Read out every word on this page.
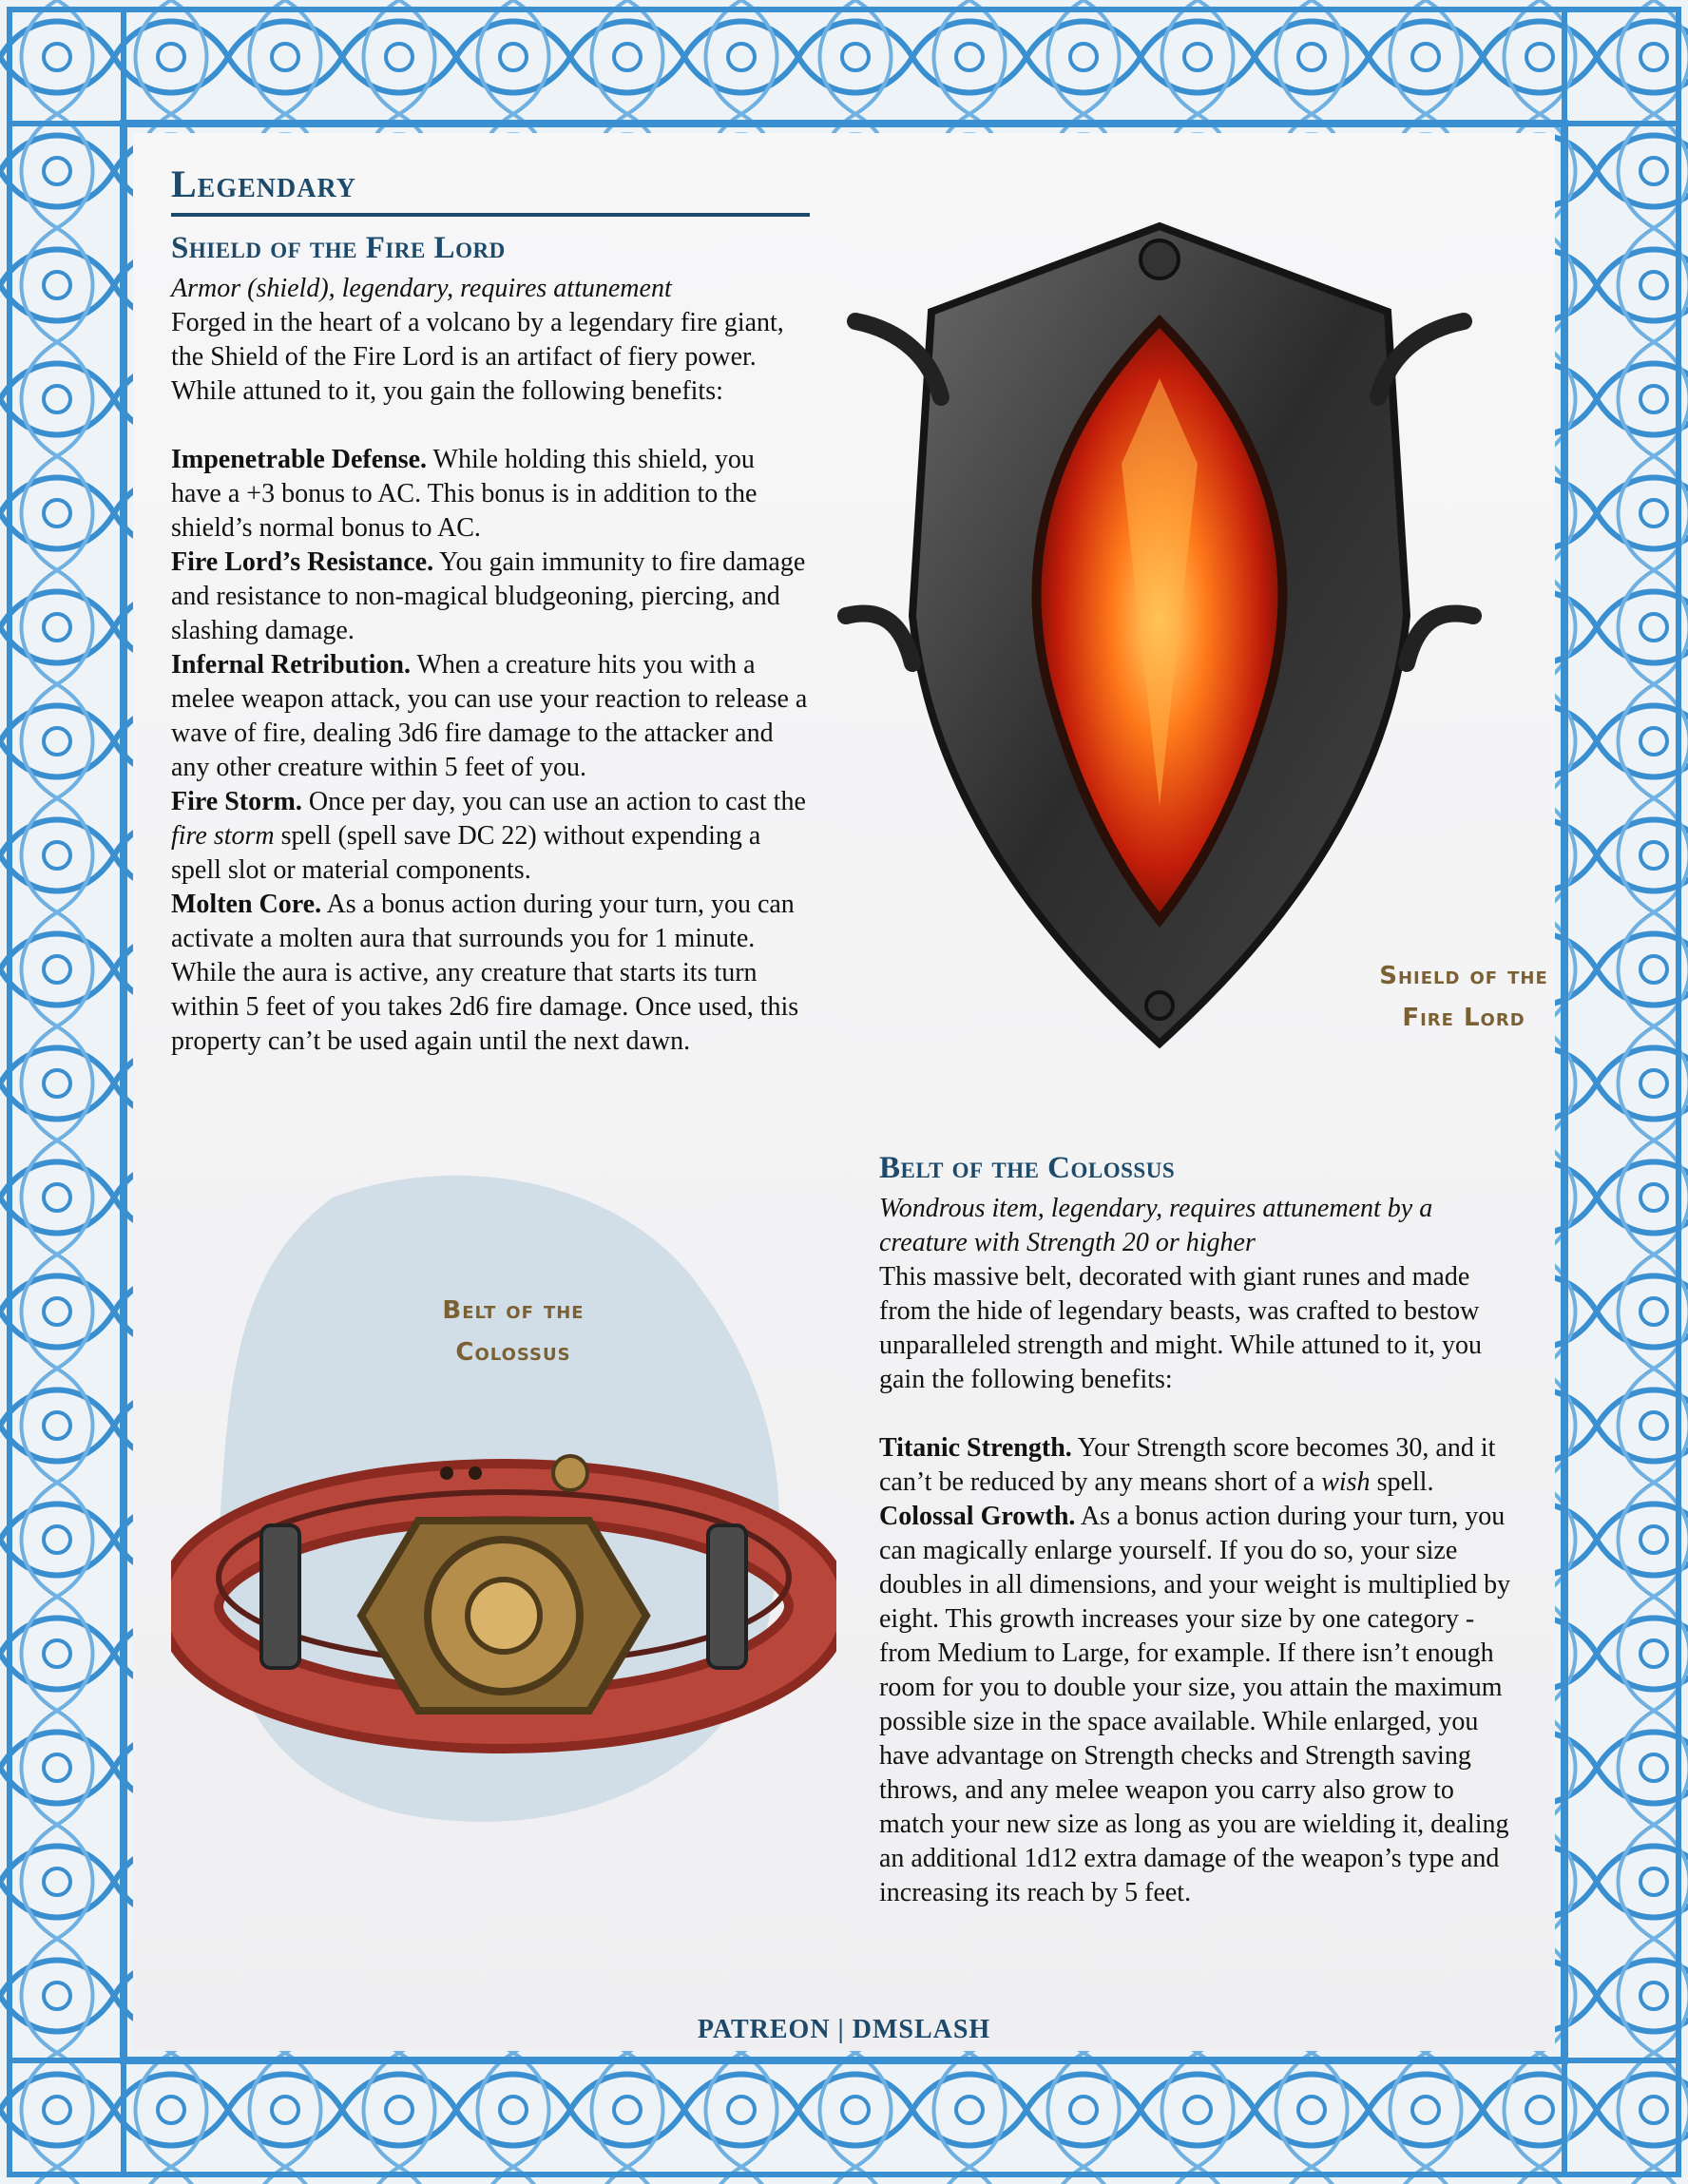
Legendary
Shield of the Fire Lord
Armor (shield), legendary, requires attunement

Forged in the heart of a volcano by a legendary fire giant, the Shield of the Fire Lord is an artifact of fiery power. While attuned to it, you gain the following benefits:

Impenetrable Defense. While holding this shield, you have a +3 bonus to AC. This bonus is in addition to the shield’s normal bonus to AC.

Fire Lord’s Resistance. You gain immunity to fire damage and resistance to non-magical bludgeoning, piercing, and slashing damage.

Infernal Retribution. When a creature hits you with a melee weapon attack, you can use your reaction to release a wave of fire, dealing 3d6 fire damage to the attacker and any other creature within 5 feet of you.

Fire Storm. Once per day, you can use an action to cast the fire storm spell (spell save DC 22) without expending a spell slot or material components.

Molten Core. As a bonus action during your turn, you can activate a molten aura that surrounds you for 1 minute. While the aura is active, any creature that starts its turn within 5 feet of you takes 2d6 fire damage. Once used, this property can’t be used again until the next dawn.

Shield of the
Fire Lord
Belt of the
Colossus
Belt of the Colossus
Wondrous item, legendary, requires attunement by a creature with Strength 20 or higher

This massive belt, decorated with giant runes and made from the hide of legendary beasts, was crafted to bestow unparalleled strength and might. While attuned to it, you gain the following benefits:

Titanic Strength. Your Strength score becomes 30, and it can’t be reduced by any means short of a wish spell.

Colossal Growth. As a bonus action during your turn, you can magically enlarge yourself. If you do so, your size doubles in all dimensions, and your weight is multiplied by eight. This growth increases your size by one category - from Medium to Large, for example. If there isn’t enough room for you to double your size, you attain the maximum possible size in the space available. While enlarged, you have advantage on Strength checks and Strength saving throws, and any melee weapon you carry also grow to match your new size as long as you are wielding it, dealing an additional 1d12 extra damage of the weapon’s type and increasing its reach by 5 feet.

PATREON | DMSLASH
